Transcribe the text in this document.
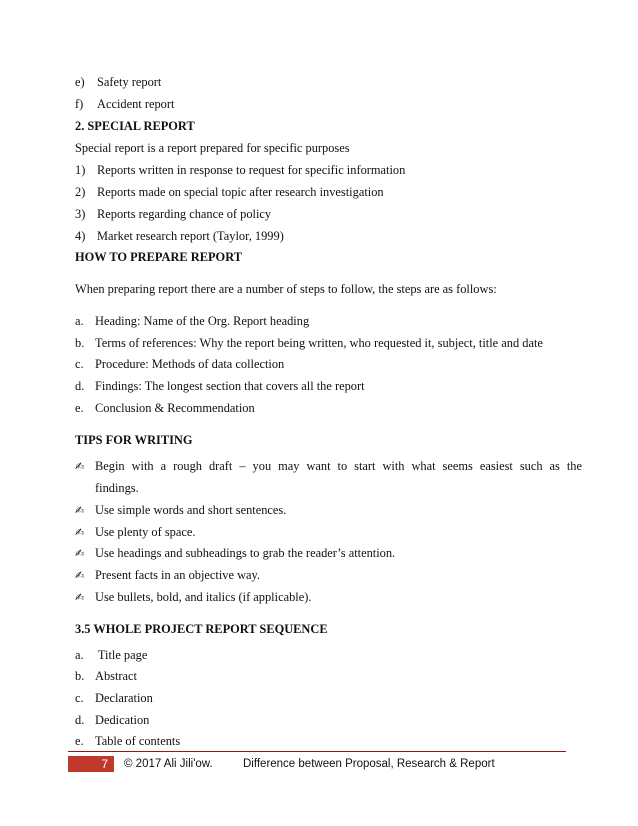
e) Safety report
f) Accident report
2. SPECIAL REPORT
Special report is a report prepared for specific purposes
1) Reports written in response to request for specific information
2) Reports made on special topic after research investigation
3) Reports regarding chance of policy
4) Market research report (Taylor, 1999)
HOW TO PREPARE REPORT
When preparing report there are a number of steps to follow, the steps are as follows:
a. Heading: Name of the Org. Report heading
b. Terms of references: Why the report being written, who requested it, subject, title and date
c. Procedure: Methods of data collection
d. Findings: The longest section that covers all the report
e. Conclusion & Recommendation
TIPS FOR WRITING
✍ Begin with a rough draft – you may want to start with what seems easiest such as the
findings.
✍ Use simple words and short sentences.
✍ Use plenty of space.
✍ Use headings and subheadings to grab the reader’s attention.
✍ Present facts in an objective way.
✍ Use bullets, bold, and italics (if applicable).
3.5 WHOLE PROJECT REPORT SEQUENCE
a. Title page
b. Abstract
c. Declaration
d. Dedication
e. Table of contents
7	© 2017 Ali Jili'ow.	Difference between Proposal, Research & Report
